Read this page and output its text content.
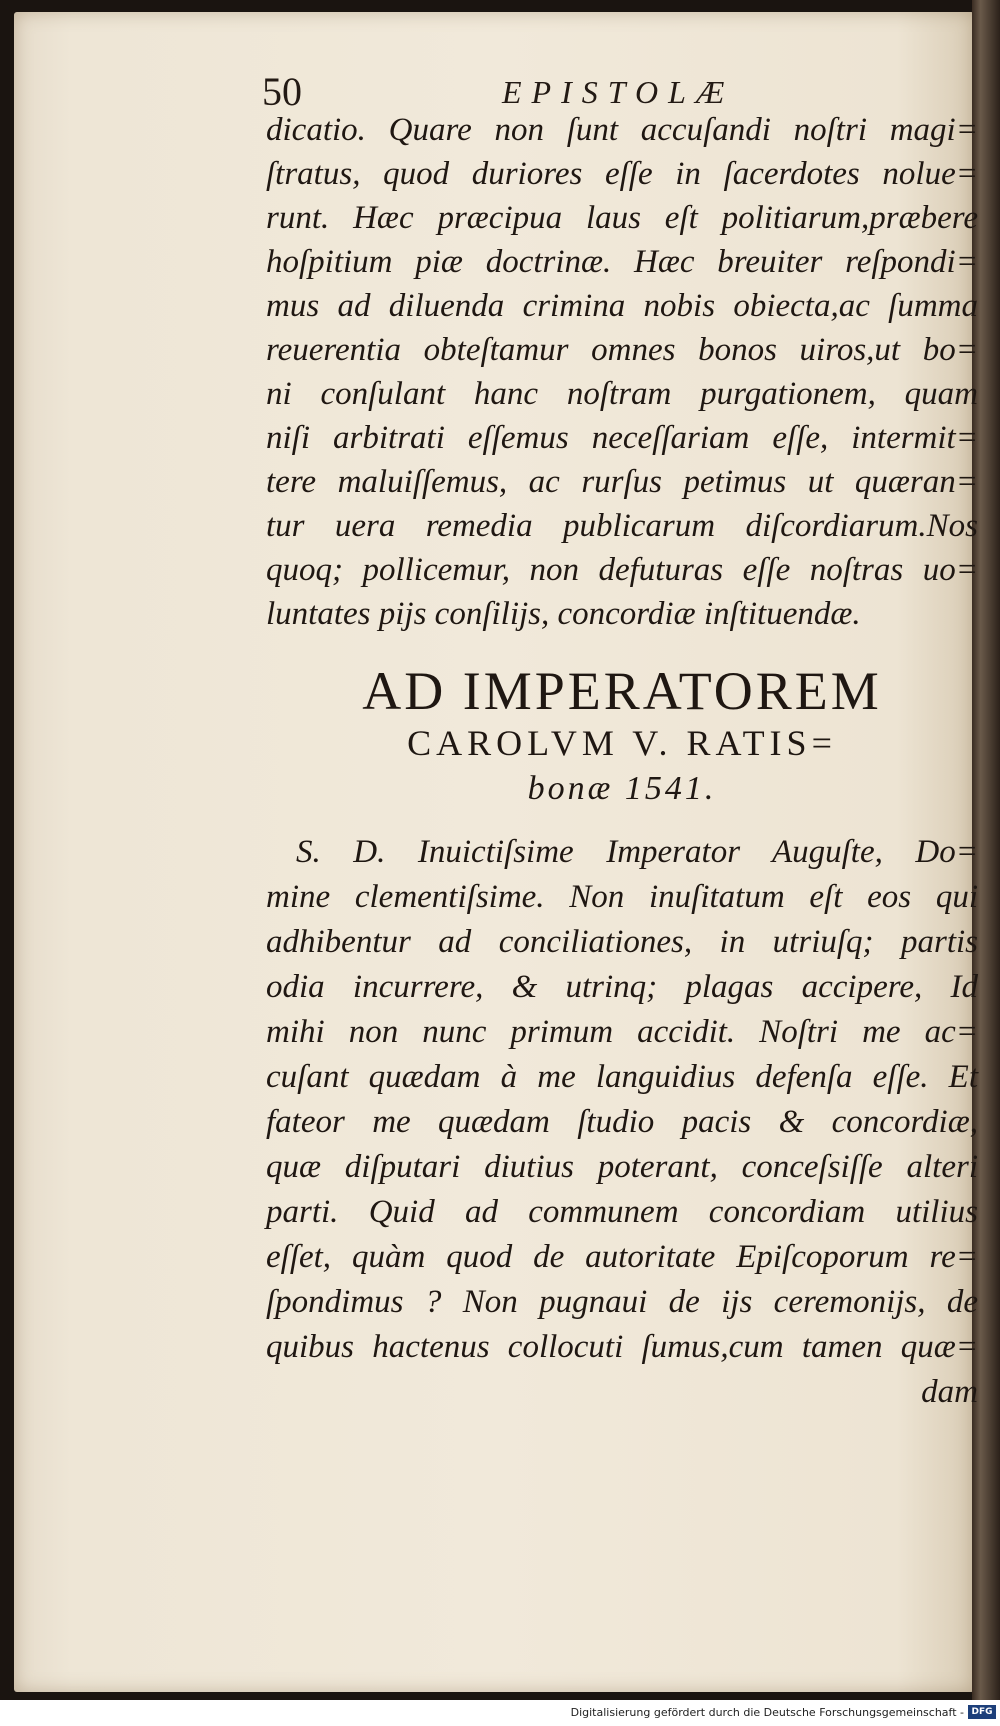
50	EPISTOLÆ
dicatio. Quare non ſunt accuſandi noſtri magi=
ſtratus, quod duriores eſſe in ſacerdotes nolue=
runt. Hæc præcipua laus eſt politiarum,præbere
hoſpitium piæ doctrinæ. Hæc breuiter reſpondi=
mus ad diluenda crimina nobis obiecta,ac ſumma
reuerentia obteſtamur omnes bonos uiros,ut bo=
ni conſulant hanc noſtram purgationem, quam
niſi arbitrati eſſemus neceſſariam eſſe, intermit=
tere maluiſſemus, ac rurſus petimus ut quæran=
tur uera remedia publicarum diſcordiarum.Nos
quoq; pollicemur, non defuturas eſſe noſtras uo=
luntates pijs conſilijs, concordiæ inſtituendæ.
AD IMPERATOREM
CAROLVM V. RATIS=
bonæ 1541.
S. D. Inuictiſsime Imperator Auguſte, Do=
mine clementiſsime. Non inuſitatum eſt eos qui
adhibentur ad conciliationes, in utriuſq; partis
odia incurrere, & utrinq; plagas accipere, Id
mihi non nunc primum accidit. Noſtri me ac=
cuſant quædam à me languidius defenſa eſſe. Et
fateor me quædam ſtudio pacis & concordiæ,
quæ diſputari diutius poterant, conceſsiſſe alteri
parti. Quid ad communem concordiam utilius
eſſet, quàm quod de autoritate Epiſcoporum re=
ſpondimus ? Non pugnaui de ijs ceremonijs, de
quibus hactenus collocuti ſumus,cum tamen quæ=
dam
Digitalisierung gefördert durch die Deutsche Forschungsgemeinschaft - DFG
